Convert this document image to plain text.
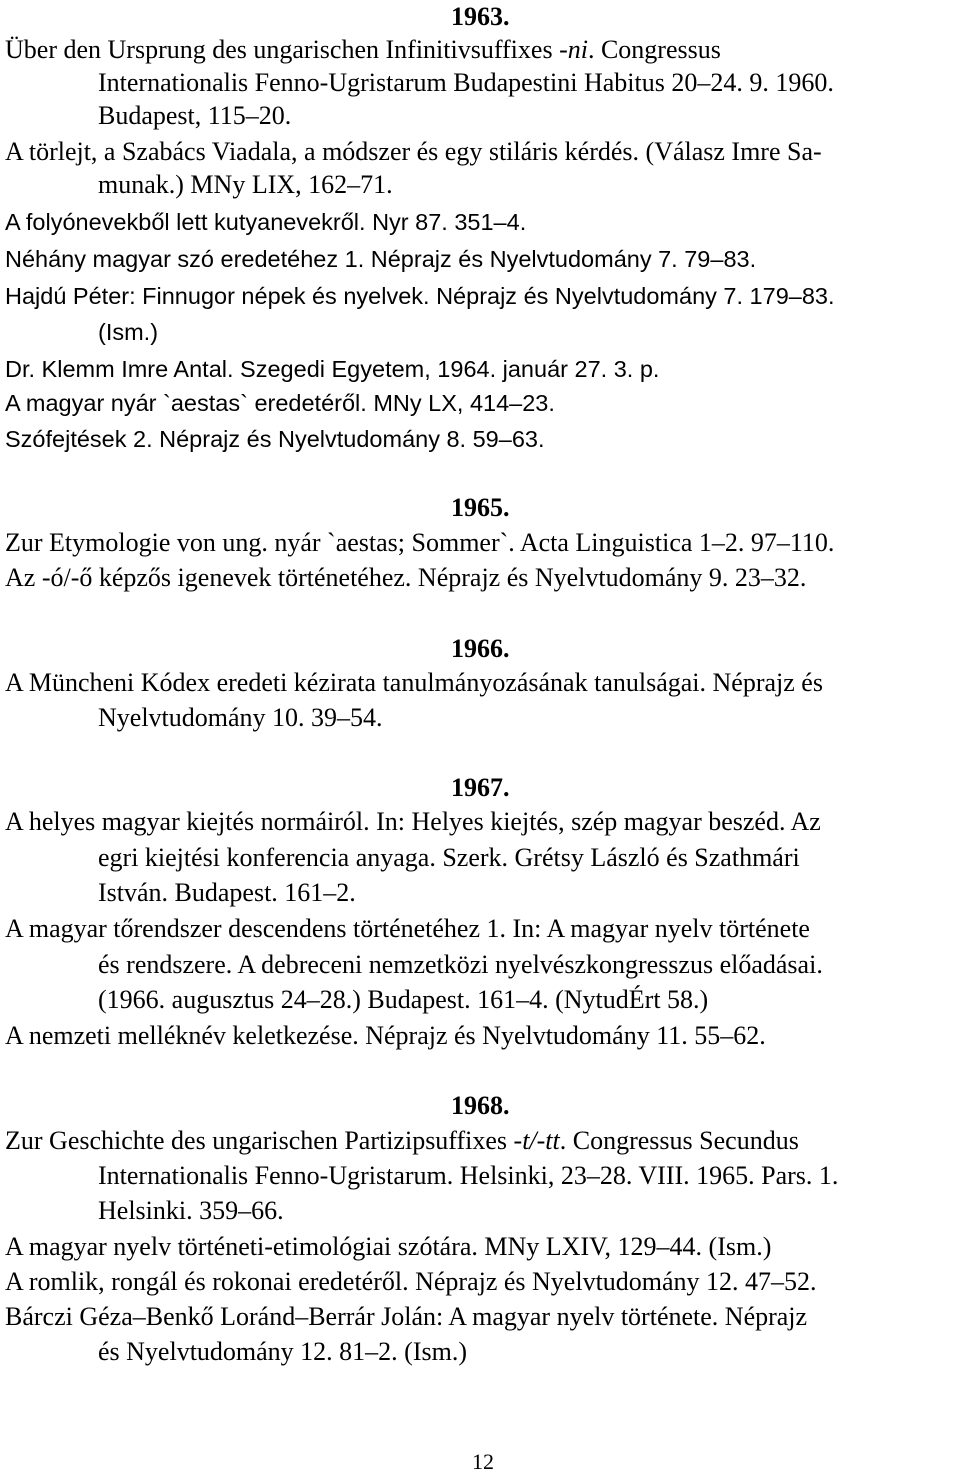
1963.
Über den Ursprung des ungarischen Infinitivsuffixes -ni. Congressus
Internationalis Fenno-Ugristarum Budapestini Habitus 20–24. 9. 1960.
Budapest, 115–20.
A törlejt, a Szabács Viadala, a módszer és egy stiláris kérdés. (Válasz Imre Sa-
munak.) MNy LIX, 162–71.
A folyónevekből lett kutyanevekről. Nyr 87. 351–4.
Néhány magyar szó eredetéhez 1. Néprajz és Nyelvtudomány 7. 79–83.
Hajdú Péter: Finnugor népek és nyelvek. Néprajz és Nyelvtudomány 7. 179–83.
(Ism.)
Dr. Klemm Imre Antal. Szegedi Egyetem, 1964. január 27. 3. p.
A magyar nyár `aestas` eredetéről. MNy LX, 414–23.
Szófejtések 2. Néprajz és Nyelvtudomány 8. 59–63.
1965.
Zur Etymologie von ung. nyár `aestas; Sommer`. Acta Linguistica 1–2. 97–110.
Az -ó/-ő képzős igenevek történetéhez. Néprajz és Nyelvtudomány 9. 23–32.
1966.
A Müncheni Kódex eredeti kézirata tanulmányozásának tanulságai. Néprajz és
Nyelvtudomány 10. 39–54.
1967.
A helyes magyar kiejtés normáiról. In: Helyes kiejtés, szép magyar beszéd. Az
egri kiejtési konferencia anyaga. Szerk. Grétsy László és Szathmári
István. Budapest. 161–2.
A magyar tőrendszer descendens történetéhez 1. In: A magyar nyelv története
és rendszere. A debreceni nemzetközi nyelvészkongresszus előadásai.
(1966. augusztus 24–28.) Budapest. 161–4. (NytudÉrt 58.)
A nemzeti melléknév keletkezése. Néprajz és Nyelvtudomány 11. 55–62.
1968.
Zur Geschichte des ungarischen Partizipsuffixes -t/-tt. Congressus Secundus
Internationalis Fenno-Ugristarum. Helsinki, 23–28. VIII. 1965. Pars. 1.
Helsinki. 359–66.
A magyar nyelv történeti-etimológiai szótára. MNy LXIV, 129–44. (Ism.)
A romlik, rongál és rokonai eredetéről. Néprajz és Nyelvtudomány 12. 47–52.
Bárczi Géza–Benkő Loránd–Berrár Jolán: A magyar nyelv története. Néprajz
és Nyelvtudomány 12. 81–2. (Ism.)
12
